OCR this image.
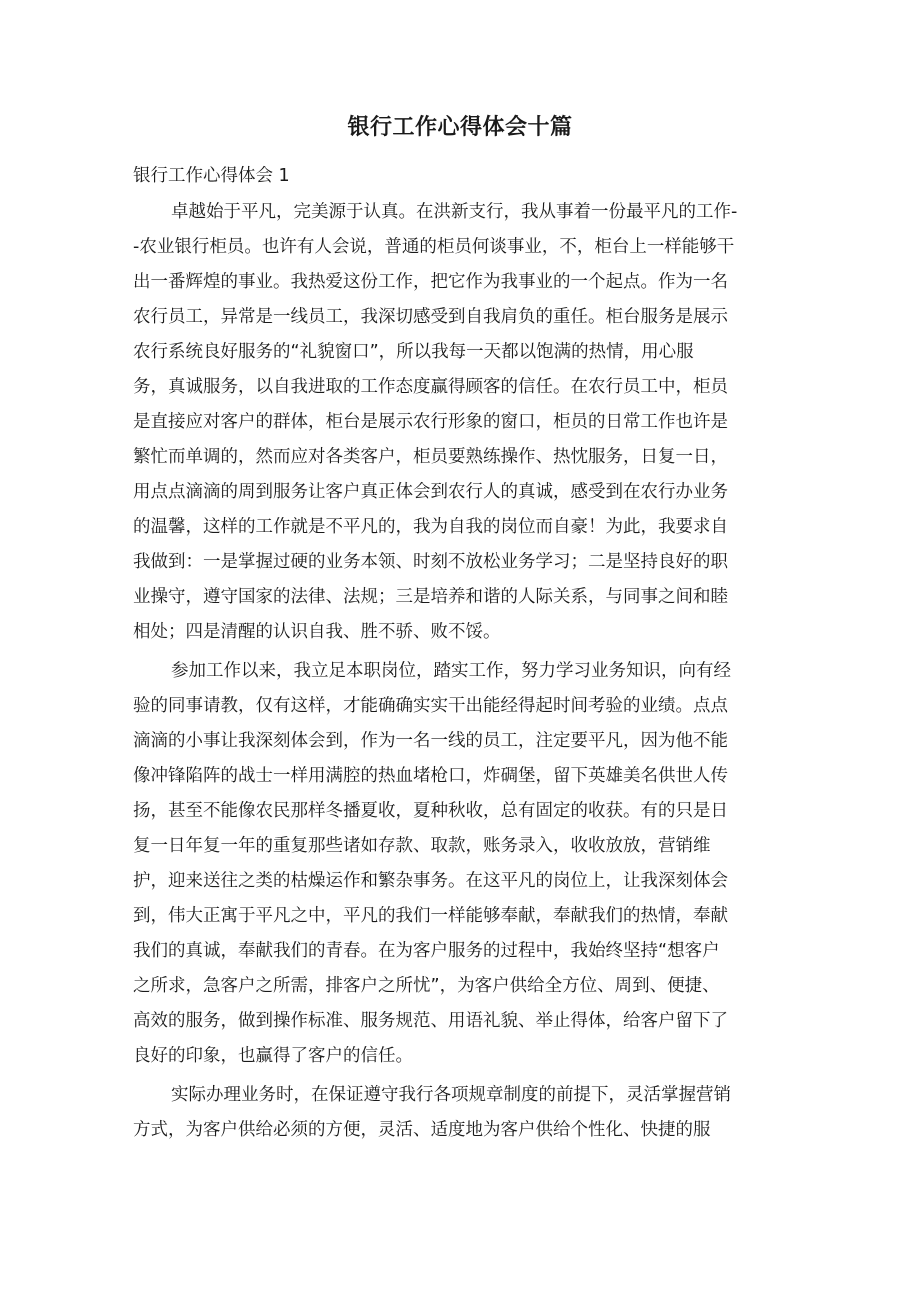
银行工作心得体会十篇
银行工作心得体会 1
卓越始于平凡，完美源于认真。在洪新支行，我从事着一份最平凡的工作-
-农业银行柜员。也许有人会说，普通的柜员何谈事业，不，柜台上一样能够干
出一番辉煌的事业。我热爱这份工作，把它作为我事业的一个起点。作为一名
农行员工，异常是一线员工，我深切感受到自我肩负的重任。柜台服务是展示
农行系统良好服务的“礼貌窗口”，所以我每一天都以饱满的热情，用心服
务，真诚服务，以自我进取的工作态度赢得顾客的信任。在农行员工中，柜员
是直接应对客户的群体，柜台是展示农行形象的窗口，柜员的日常工作也许是
繁忙而单调的，然而应对各类客户，柜员要熟练操作、热忱服务，日复一日，
用点点滴滴的周到服务让客户真正体会到农行人的真诚，感受到在农行办业务
的温馨，这样的工作就是不平凡的，我为自我的岗位而自豪！为此，我要求自
我做到：一是掌握过硬的业务本领、时刻不放松业务学习；二是坚持良好的职
业操守，遵守国家的法律、法规；三是培养和谐的人际关系，与同事之间和睦
相处；四是清醒的认识自我、胜不骄、败不馁。
参加工作以来，我立足本职岗位，踏实工作，努力学习业务知识，向有经
验的同事请教，仅有这样，才能确确实实干出能经得起时间考验的业绩。点点
滴滴的小事让我深刻体会到，作为一名一线的员工，注定要平凡，因为他不能
像冲锋陷阵的战士一样用满腔的热血堵枪口，炸碉堡，留下英雄美名供世人传
扬，甚至不能像农民那样冬播夏收，夏种秋收，总有固定的收获。有的只是日
复一日年复一年的重复那些诸如存款、取款，账务录入，收收放放，营销维
护，迎来送往之类的枯燥运作和繁杂事务。在这平凡的岗位上，让我深刻体会
到，伟大正寓于平凡之中，平凡的我们一样能够奉献，奉献我们的热情，奉献
我们的真诚，奉献我们的青春。在为客户服务的过程中，我始终坚持“想客户
之所求，急客户之所需，排客户之所忧”，为客户供给全方位、周到、便捷、
高效的服务，做到操作标准、服务规范、用语礼貌、举止得体，给客户留下了
良好的印象，也赢得了客户的信任。
实际办理业务时，在保证遵守我行各项规章制度的前提下，灵活掌握营销
方式，为客户供给必须的方便，灵活、适度地为客户供给个性化、快捷的服
